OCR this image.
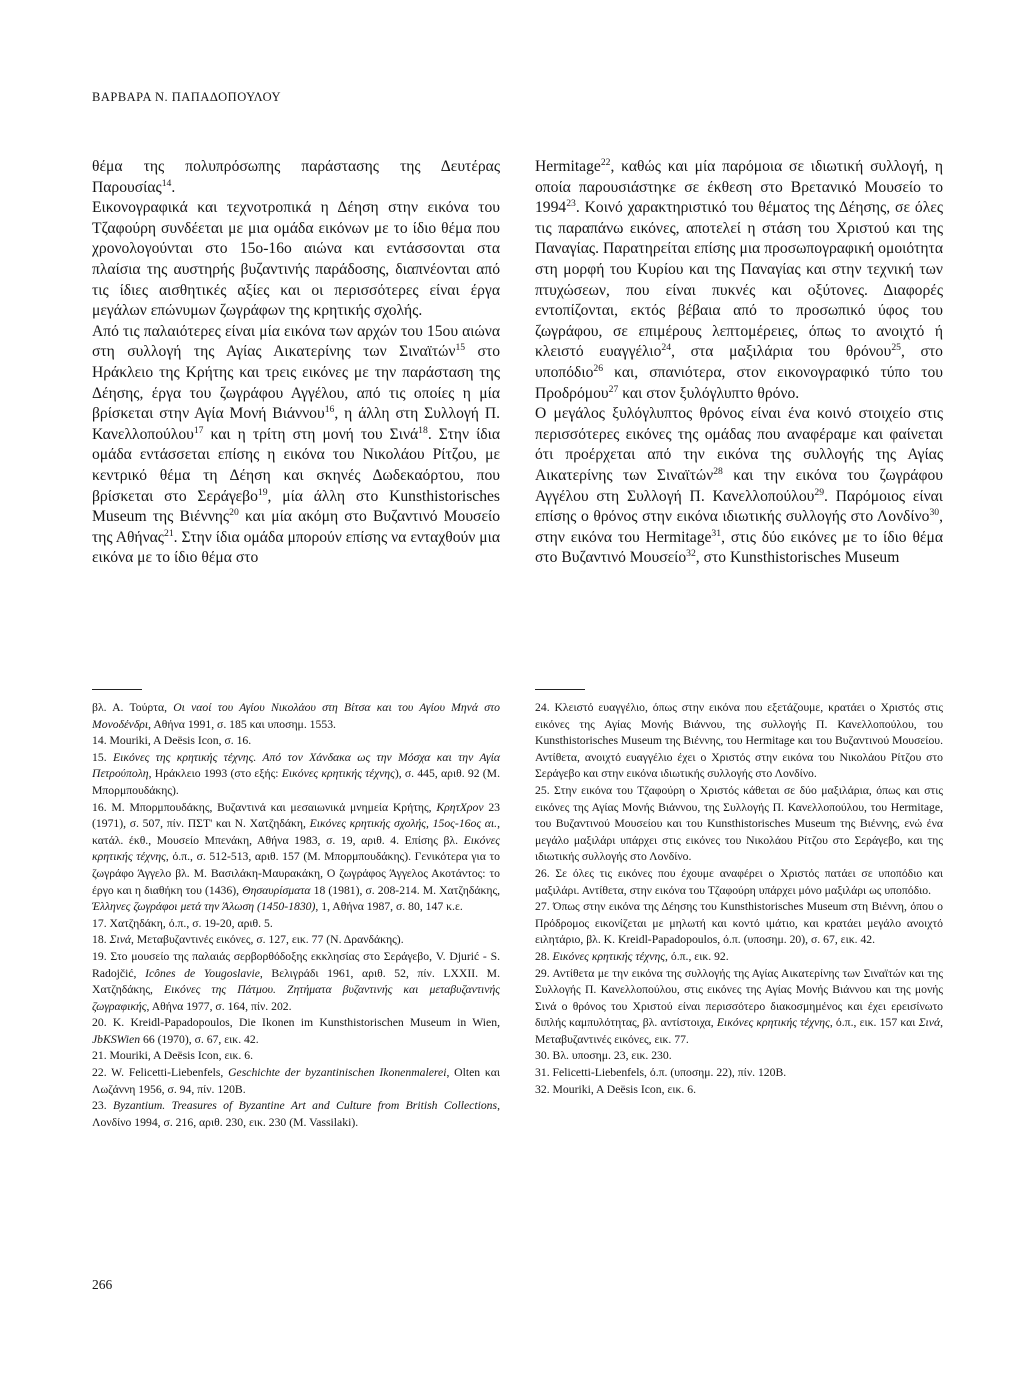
ΒΑΡΒΑΡΑ Ν. ΠΑΠΑΔΟΠΟΥΛΟΥ

θέμα της πολυπρόσωπης παράστασης της Δευτέρας Παρουσίας$^{14}$.

Εικονογραφικά και τεχνοτροπικά η Δέηση στην εικόνα του Τζαφούρη συνδέεται με μια ομάδα εικόνων με το ίδιο θέμα που χρονολογούνται στο 15ο-16ο αιώνα και εντάσσονται στα πλαίσια της αυστηρής βυζαντινής παράδοσης, διαπνέονται από τις ίδιες αισθητικές αξίες και οι περισσότερες είναι έργα μεγάλων επώνυμων ζωγράφων της κρητικής σχολής.

Από τις παλαιότερες είναι μία εικόνα των αρχών του 15ου αιώνα στη συλλογή της Αγίας Αικατερίνης των Σιναϊτών$^{15}$ στο Ηράκλειο της Κρήτης και τρεις εικόνες με την παράσταση της Δέησης, έργα του ζωγράφου Αγγέλου, από τις οποίες η μία βρίσκεται στην Αγία Μονή Βιάννου$^{16}$, η άλλη στη Συλλογή Π. Κανελλοπούλου$^{17}$ και η τρίτη στη μονή του Σινά$^{18}$. Στην ίδια ομάδα εντάσσεται επίσης η εικόνα του Νικολάου Ρίτζου, με κεντρικό θέμα τη Δέηση και σκηνές Δωδεκαόρτου, που βρίσκεται στο Σεράγεβο$^{19}$, μία άλλη στο Kunsthistorisches Museum της Βιέννης$^{20}$ και μία ακόμη στο Βυζαντινό Μουσείο της Αθήνας$^{21}$. Στην ίδια ομάδα μπορούν επίσης να ενταχθούν μια εικόνα με το ίδιο θέμα στο

Hermitage$^{22}$, καθώς και μία παρόμοια σε ιδιωτική συλλογή, η οποία παρουσιάστηκε σε έκθεση στο Βρετανικό Μουσείο το 1994$^{23}$. Κοινό χαρακτηριστικό του θέματος της Δέησης, σε όλες τις παραπάνω εικόνες, αποτελεί η στάση του Χριστού και της Παναγίας. Παρατηρείται επίσης μια προσωπογραφική ομοιότητα στη μορφή του Κυρίου και της Παναγίας και στην τεχνική των πτυχώσεων, που είναι πυκνές και οξύτονες. Διαφορές εντοπίζονται, εκτός βέβαια από το προσωπικό ύφος του ζωγράφου, σε επιμέρους λεπτομέρειες, όπως το ανοιχτό ή κλειστό ευαγγέλιο$^{24}$, στα μαξιλάρια του θρόνου$^{25}$, στο υποπόδιο$^{26}$ και, σπανιότερα, στον εικονογραφικό τύπο του Προδρόμου$^{27}$ και στον ξυλόγλυπτο θρόνο.

Ο μεγάλος ξυλόγλυπτος θρόνος είναι ένα κοινό στοιχείο στις περισσότερες εικόνες της ομάδας που αναφέραμε και φαίνεται ότι προέρχεται από την εικόνα της συλλογής της Αγίας Αικατερίνης των Σιναϊτών$^{28}$ και την εικόνα του ζωγράφου Αγγέλου στη Συλλογή Π. Κανελλοπούλου$^{29}$. Παρόμοιος είναι επίσης ο θρόνος στην εικόνα ιδιωτικής συλλογής στο Λονδίνο$^{30}$, στην εικόνα του Hermitage$^{31}$, στις δύο εικόνες με το ίδιο θέμα στο Βυζαντινό Μουσείο$^{32}$, στο Kunsthistorisches Museum

βλ. Α. Τούρτα, Οι ναοί του Αγίου Νικολάου στη Βίτσα και του Αγίου Μηνά στο Μονοδένδρι, Αθήνα 1991, σ. 185 και υποσημ. 1553.

14. Mouriki, A Deësis Icon, σ. 16.

15. Εικόνες της κρητικής τέχνης. Από τον Χάνδακα ως την Μόσχα και την Αγία Πετρούπολη, Ηράκλειο 1993 (στο εξής: Εικόνες κρητικής τέχνης), σ. 445, αριθ. 92 (Μ. Μπορμπουδάκης).

16. Μ. Μπορμπουδάκης, Βυζαντινά και μεσαιωνικά μνημεία Κρήτης, ΚρητΧρον 23 (1971), σ. 507, πίν. ΠΣΤ' και Ν. Χατζηδάκη, Εικόνες κρητικής σχολής, 15ος-16ος αι., κατάλ. έκθ., Μουσείο Μπενάκη, Αθήνα 1983, σ. 19, αριθ. 4. Επίσης βλ. Εικόνες κρητικής τέχνης, ό.π., σ. 512-513, αριθ. 157 (Μ. Μπορμπουδάκης). Γενικότερα για το ζωγράφο Άγγελο βλ. Μ. Βασιλάκη-Μαυρακάκη, Ο ζωγράφος Άγγελος Ακοτάντος: το έργο και η διαθήκη του (1436), Θησαυρίσματα 18 (1981), σ. 208-214. Μ. Χατζηδάκης, Έλληνες ζωγράφοι μετά την Άλωση (1450-1830), 1, Αθήνα 1987, σ. 80, 147 κ.ε.

17. Χατζηδάκη, ό.π., σ. 19-20, αριθ. 5.

18. Σινά, Μεταβυζαντινές εικόνες, σ. 127, εικ. 77 (Ν. Δρανδάκης).

19. Στο μουσείο της παλαιάς σερβορθόδοξης εκκλησίας στο Σεράγεβο, V. Djurić - S. Radojčić, Icônes de Yougoslavie, Βελιγράδι 1961, αριθ. 52, πίν. LXXII. Μ. Χατζηδάκης, Εικόνες της Πάτμου. Ζητήματα βυζαντινής και μεταβυζαντινής ζωγραφικής, Αθήνα 1977, σ. 164, πίν. 202.

20. K. Kreidl-Papadopoulos, Die Ikonen im Kunsthistorischen Museum in Wien, JbKSWien 66 (1970), σ. 67, εικ. 42.

21. Mouriki, A Deësis Icon, εικ. 6.

22. W. Felicetti-Liebenfels, Geschichte der byzantinischen Ikonenmalerei, Olten και Λωζάννη 1956, σ. 94, πίν. 120B.

23. Byzantium. Treasures of Byzantine Art and Culture from British Collections, Λονδίνο 1994, σ. 216, αριθ. 230, εικ. 230 (M. Vassilaki).

24. Κλειστό ευαγγέλιο, όπως στην εικόνα που εξετάζουμε, κρατάει ο Χριστός στις εικόνες της Αγίας Μονής Βιάννου, της συλλογής Π. Κανελλοπούλου, του Kunsthistorisches Museum της Βιέννης, του Hermitage και του Βυζαντινού Μουσείου. Αντίθετα, ανοιχτό ευαγγέλιο έχει ο Χριστός στην εικόνα του Νικολάου Ρίτζου στο Σεράγεβο και στην εικόνα ιδιωτικής συλλογής στο Λονδίνο.

25. Στην εικόνα του Τζαφούρη ο Χριστός κάθεται σε δύο μαξιλάρια, όπως και στις εικόνες της Αγίας Μονής Βιάννου, της Συλλογής Π. Κανελλοπούλου, του Hermitage, του Βυζαντινού Μουσείου και του Kunsthistorisches Museum της Βιέννης, ενώ ένα μεγάλο μαξιλάρι υπάρχει στις εικόνες του Νικολάου Ρίτζου στο Σεράγεβο, και της ιδιωτικής συλλογής στο Λονδίνο.

26. Σε όλες τις εικόνες που έχουμε αναφέρει ο Χριστός πατάει σε υποπόδιο και μαξιλάρι. Αντίθετα, στην εικόνα του Τζαφούρη υπάρχει μόνο μαξιλάρι ως υποπόδιο.

27. Όπως στην εικόνα της Δέησης του Kunsthistorisches Museum στη Βιέννη, όπου ο Πρόδρομος εικονίζεται με μηλωτή και κοντό ιμάτιο, και κρατάει μεγάλο ανοιχτό ειλητάριο, βλ. K. Kreidl-Papadopoulos, ό.π. (υποσημ. 20), σ. 67, εικ. 42.

28. Εικόνες κρητικής τέχνης, ό.π., εικ. 92.

29. Αντίθετα με την εικόνα της συλλογής της Αγίας Αικατερίνης των Σιναϊτών και της Συλλογής Π. Κανελλοπούλου, στις εικόνες της Αγίας Μονής Βιάννου και της μονής Σινά ο θρόνος του Χριστού είναι περισσότερο διακοσμημένος και έχει ερεισίνωτο διπλής καμπυλότητας, βλ. αντίστοιχα, Εικόνες κρητικής τέχνης, ό.π., εικ. 157 και Σινά, Μεταβυζαντινές εικόνες, εικ. 77.

30. Βλ. υποσημ. 23, εικ. 230.

31. Felicetti-Liebenfels, ό.π. (υποσημ. 22), πίν. 120B.

32. Mouriki, A Deësis Icon, εικ. 6.

266
